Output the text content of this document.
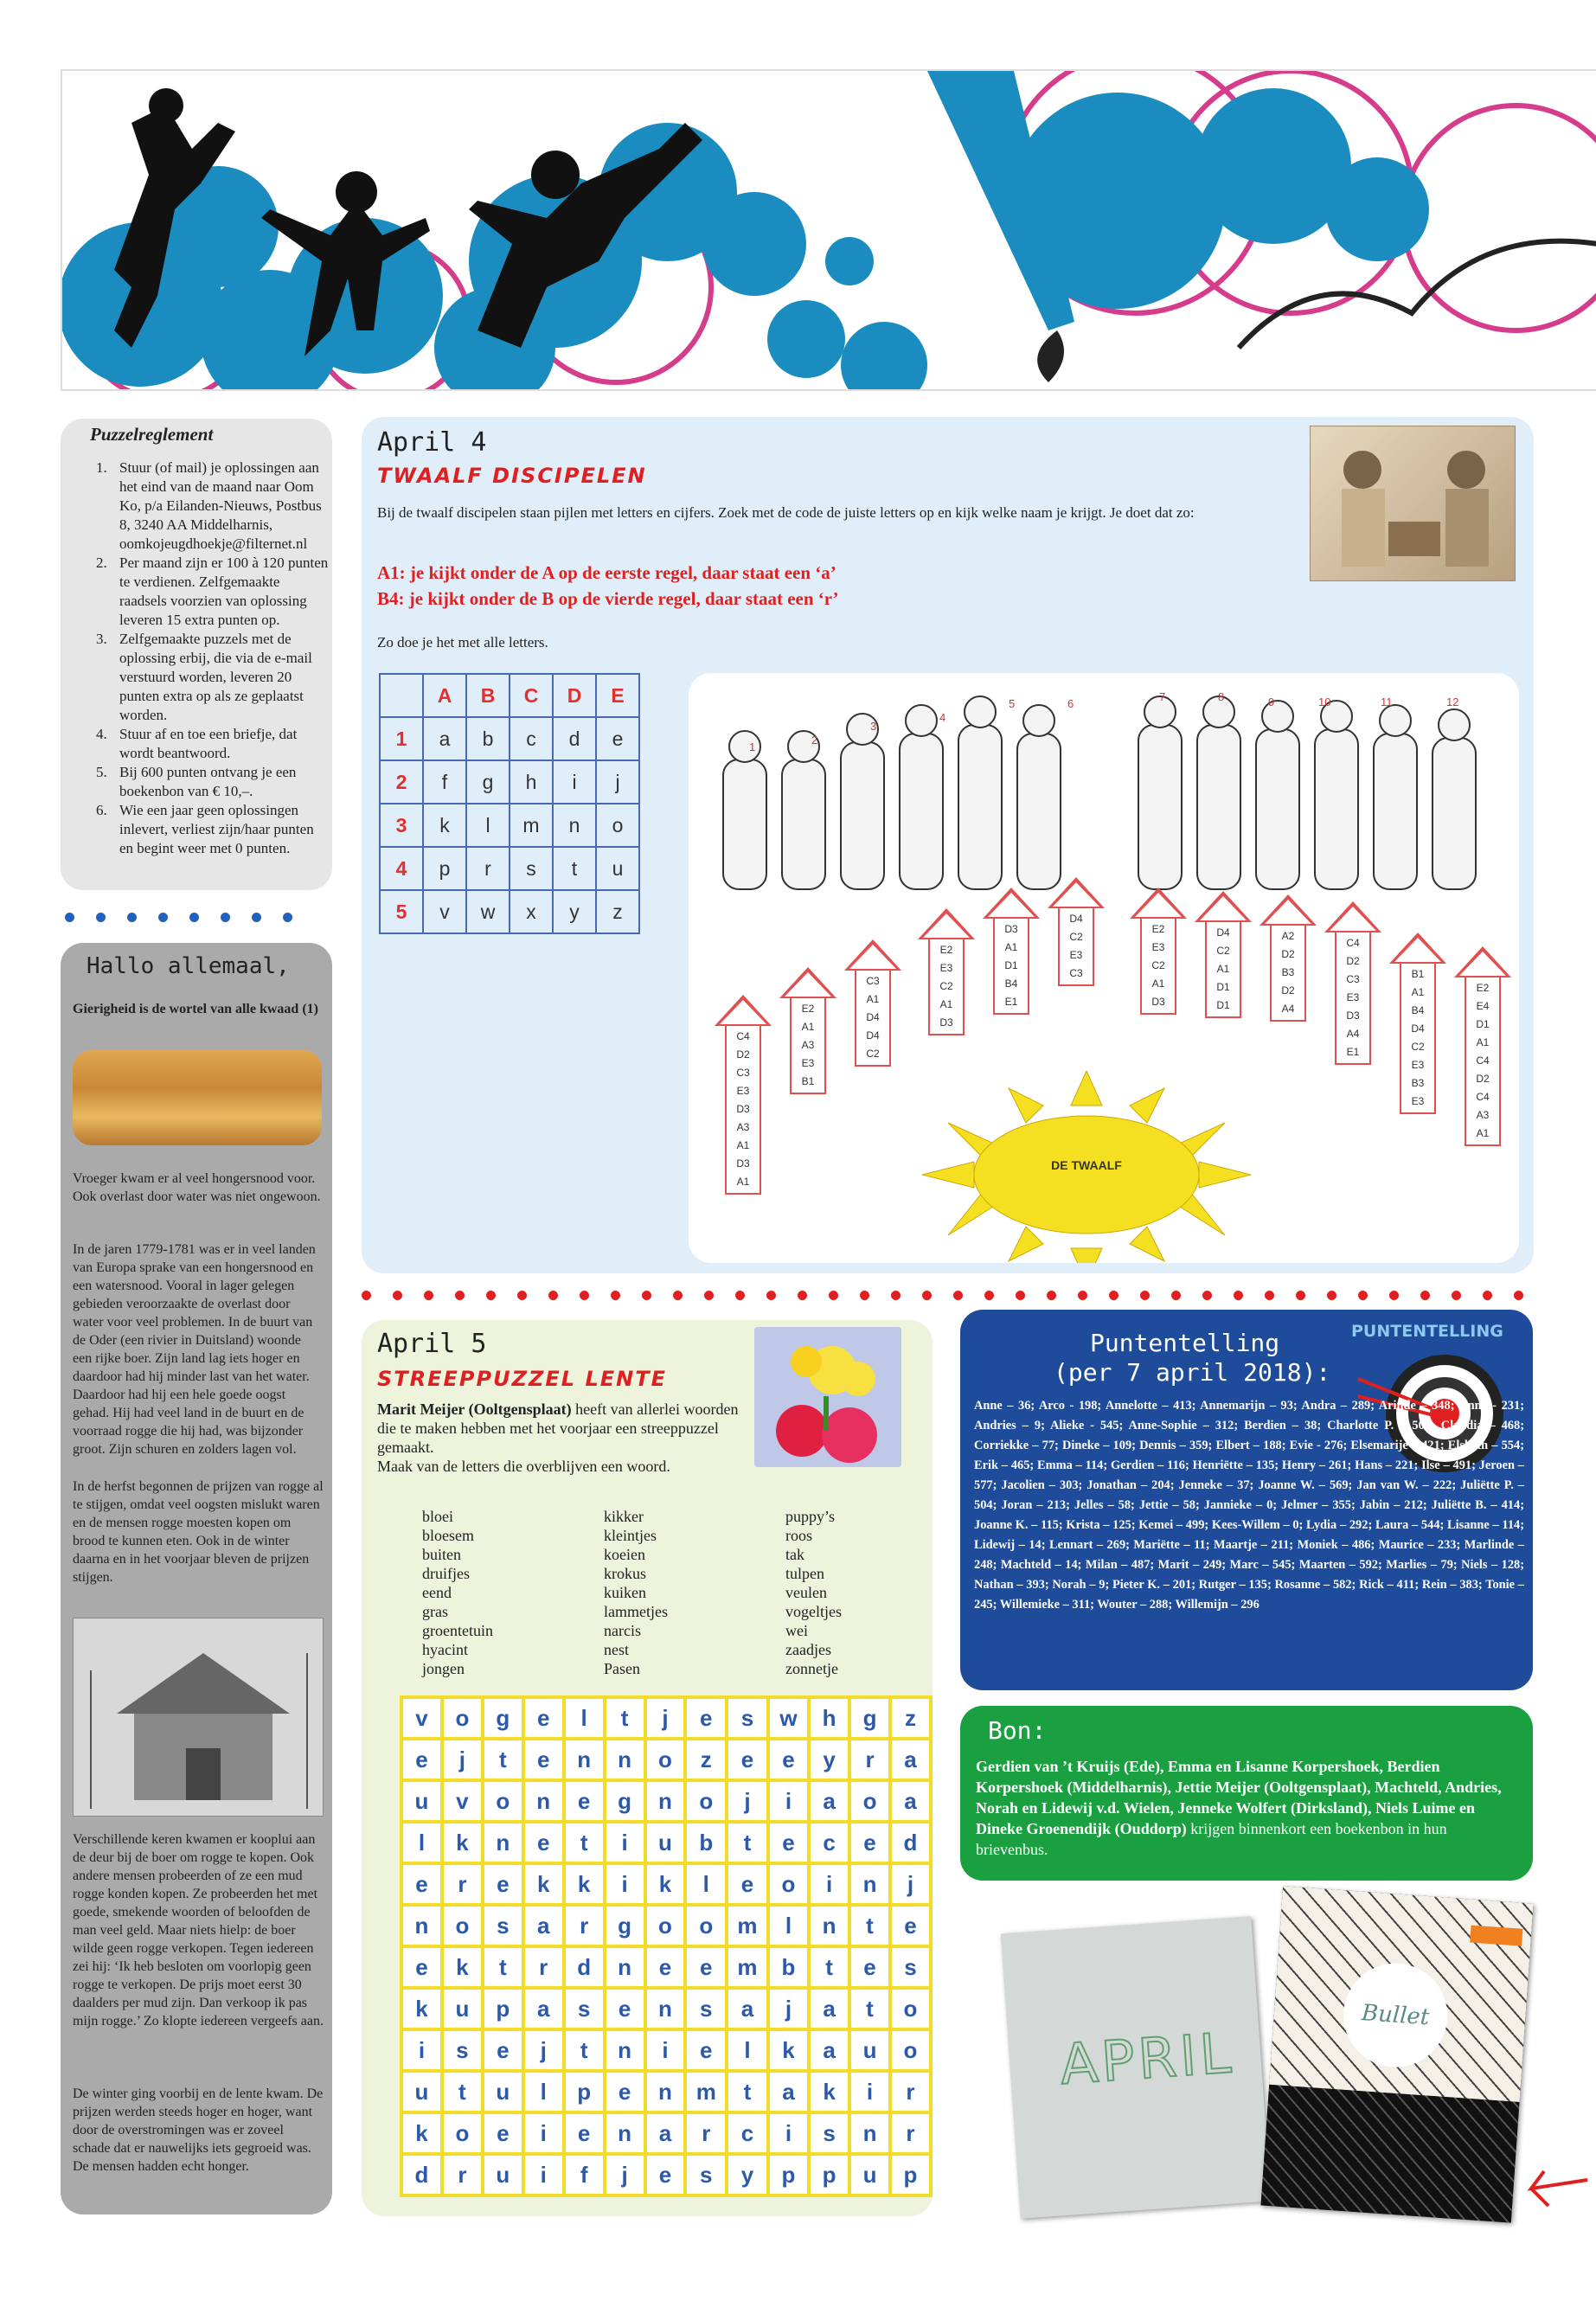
Puzzelreglement
1. Stuur (of mail) je oplossingen aan het eind van de maand naar Oom Ko, p/a Eilanden-Nieuws, Postbus 8, 3240 AA Middelharnis, oomkojeugdhoekje@filternet.nl
2. Per maand zijn er 100 à 120 punten te verdienen. Zelfgemaakte raadsels voorzien van oplossing leveren 15 extra punten op.
3. Zelfgemaakte puzzels met de oplossing erbij, die via de e-mail verstuurd worden, leveren 20 punten extra op als ze geplaatst worden.
4. Stuur af en toe een briefje, dat wordt beantwoord.
5. Bij 600 punten ontvang je een boekenbon van € 10,–.
6. Wie een jaar geen oplossingen inlevert, verliest zijn/haar punten en begint weer met 0 punten.
Hallo allemaal,
Gierigheid is de wortel van alle kwaad (1)
Vroeger kwam er al veel hongersnood voor. Ook overlast door water was niet ongewoon.
In de jaren 1779-1781 was er in veel landen van Europa sprake van een hongersnood en een watersnood. Vooral in lager gelegen gebieden veroorzaakte de overlast door water voor veel problemen. In de buurt van de Oder (een rivier in Duitsland) woonde een rijke boer. Zijn land lag iets hoger en daardoor had hij minder last van het water. Daardoor had hij een hele goede oogst gehad. Hij had veel land in de buurt en de voorraad rogge die hij had, was bijzonder groot. Zijn schuren en zolders lagen vol.
In de herfst begonnen de prijzen van rogge al te stijgen, omdat veel oogsten mislukt waren en de mensen rogge moesten kopen om brood te kunnen eten. Ook in de winter daarna en in het voorjaar bleven de prijzen stijgen.
Verschillende keren kwamen er kooplui aan de deur bij de boer om rogge te kopen. Ook andere mensen probeerden of ze een mud rogge konden kopen. Ze probeerden het met goede, smekende woorden of beloofden de man veel geld. Maar niets hielp: de boer wilde geen rogge verkopen. Tegen iedereen zei hij: ‘Ik heb besloten om voorlopig geen rogge te verkopen. De prijs moet eerst 30 daalders per mud zijn. Dan verkoop ik pas mijn rogge.’ Zo klopte iedereen vergeefs aan.
De winter ging voorbij en de lente kwam. De prijzen werden steeds hoger en hoger, want door de overstromingen was er zoveel schade dat er nauwelijks iets gegroeid was. De mensen hadden echt honger.
April 4
TWAALF DISCIPELEN
Bij de twaalf discipelen staan pijlen met letters en cijfers. Zoek met de code de juiste letters op en kijk welke naam je krijgt. Je doet dat zo:
A1: je kijkt onder de A op de eerste regel, daar staat een ‘a’
B4: je kijkt onder de B op de vierde regel, daar staat een ‘r’
Zo doe je het met alle letters.
	A	B	C	D	E
1	a	b	c	d	e
2	f	g	h	i	j
3	k	l	m	n	o
4	p	r	s	t	u
5	v	w	x	y	z
1
2
3
4
5	6
7	8	9	10	11	12
DE TWAALF
C4
D2
C3
E3
D3
A3
A1
D3
A1
E2
A1
A3
E3
B1
C3
A1
D4
D4
C2
E2
E3
C2
A1
D3
D3
A1
D1
B4
E1
D4
C2
E3
C3
E2
E3
C2
A1
D3
D4
C2
A1
D1
D1
A2
D2
B3
D2
A4
C4
D2
C3
E3
D3
A4
E1
B1
A1
B4
D4
C2
E3
B3
E3
E2
E4
D1
A1
C4
D2
C4
A3
A1
April 5
STREEPPUZZEL LENTE
Marit Meijer (Ooltgensplaat) heeft van allerlei woorden die te maken hebben met het voorjaar een streeppuzzel gemaakt.
Maak van de letters die overblijven een woord.
bloei
bloesem
buiten
druifjes
eend
gras
groentetuin
hyacint
jongen
kikker
kleintjes
koeien
krokus
kuiken
lammetjes
narcis
nest
Pasen
puppy’s
roos
tak
tulpen
veulen
vogeltjes
wei
zaadjes
zonnetje
v	o	g	e	l	t	j	e	s	w	h	g	z
e	j	t	e	n	n	o	z	e	e	y	r	a
u	v	o	n	e	g	n	o	j	i	a	o	a
l	k	n	e	t	i	u	b	t	e	c	e	d
e	r	e	k	k	i	k	l	e	o	i	n	j
n	o	s	a	r	g	o	o	m	l	n	t	e
e	k	t	r	d	n	e	e	m	b	t	e	s
k	u	p	a	s	e	n	s	a	j	a	t	o
i	s	e	j	t	n	i	e	l	k	a	u	o
u	t	u	l	p	e	n	m	t	a	k	i	r
k	o	e	i	e	n	a	r	c	i	s	n	r
d	r	u	i	f	j	e	s	y	p	p	u	p
Puntentelling
(per 7 april 2018):
PUNTENTELLING
Anne – 36; Arco - 198; Annelotte – 413; Annemarijn – 93; Andra – 289; Arinde – 348; Anna - 231; Andries – 9; Alieke - 545; Anne-Sophie – 312; Berdien – 38; Charlotte P. – 509; Claudia – 468; Corriekke – 77; Dineke – 109; Dennis – 359; Elbert – 188; Evie - 276; Elsemarije – 421; Elsbeth – 554; Erik – 465; Emma – 114; Gerdien – 116; Henriëtte – 135; Henry – 261; Hans – 221; Ilse – 491; Jeroen – 577; Jacolien – 303; Jonathan – 204; Jenneke – 37; Joanne W. – 569; Jan van W. – 222; Juliëtte P. – 504; Joran – 213; Jelles – 58; Jettie – 58; Jannieke – 0; Jelmer – 355; Jabin – 212; Juliëtte B. – 414; Joanne K. – 115; Krista – 125; Kemei – 499; Kees-Willem – 0; Lydia – 292; Laura – 544; Lisanne – 114; Lidewij – 14; Lennart – 269; Mariëtte – 11; Maartje – 211; Moniek – 486; Maurice – 233; Marlinde – 248; Machteld – 14; Milan – 487; Marit – 249; Marc – 545; Maarten – 592; Marlies – 79; Niels – 128; Nathan – 393; Norah – 9; Pieter K. – 201; Rutger – 135; Rosanne – 582; Rick – 411; Rein – 383; Tonie – 245; Willemieke – 311; Wouter – 288; Willemijn – 296
Bon:
Gerdien van ’t Kruijs (Ede), Emma en Lisanne Korpershoek, Berdien Korpershoek (Middelharnis), Jettie Meijer (Ooltgensplaat), Machteld, Andries, Norah en Lidewij v.d. Wielen, Jenneke Wolfert (Dirksland), Niels Luime en Dineke Groenendijk (Ouddorp) krijgen binnenkort een boekenbon in hun brievenbus.
APRIL
Bullet
